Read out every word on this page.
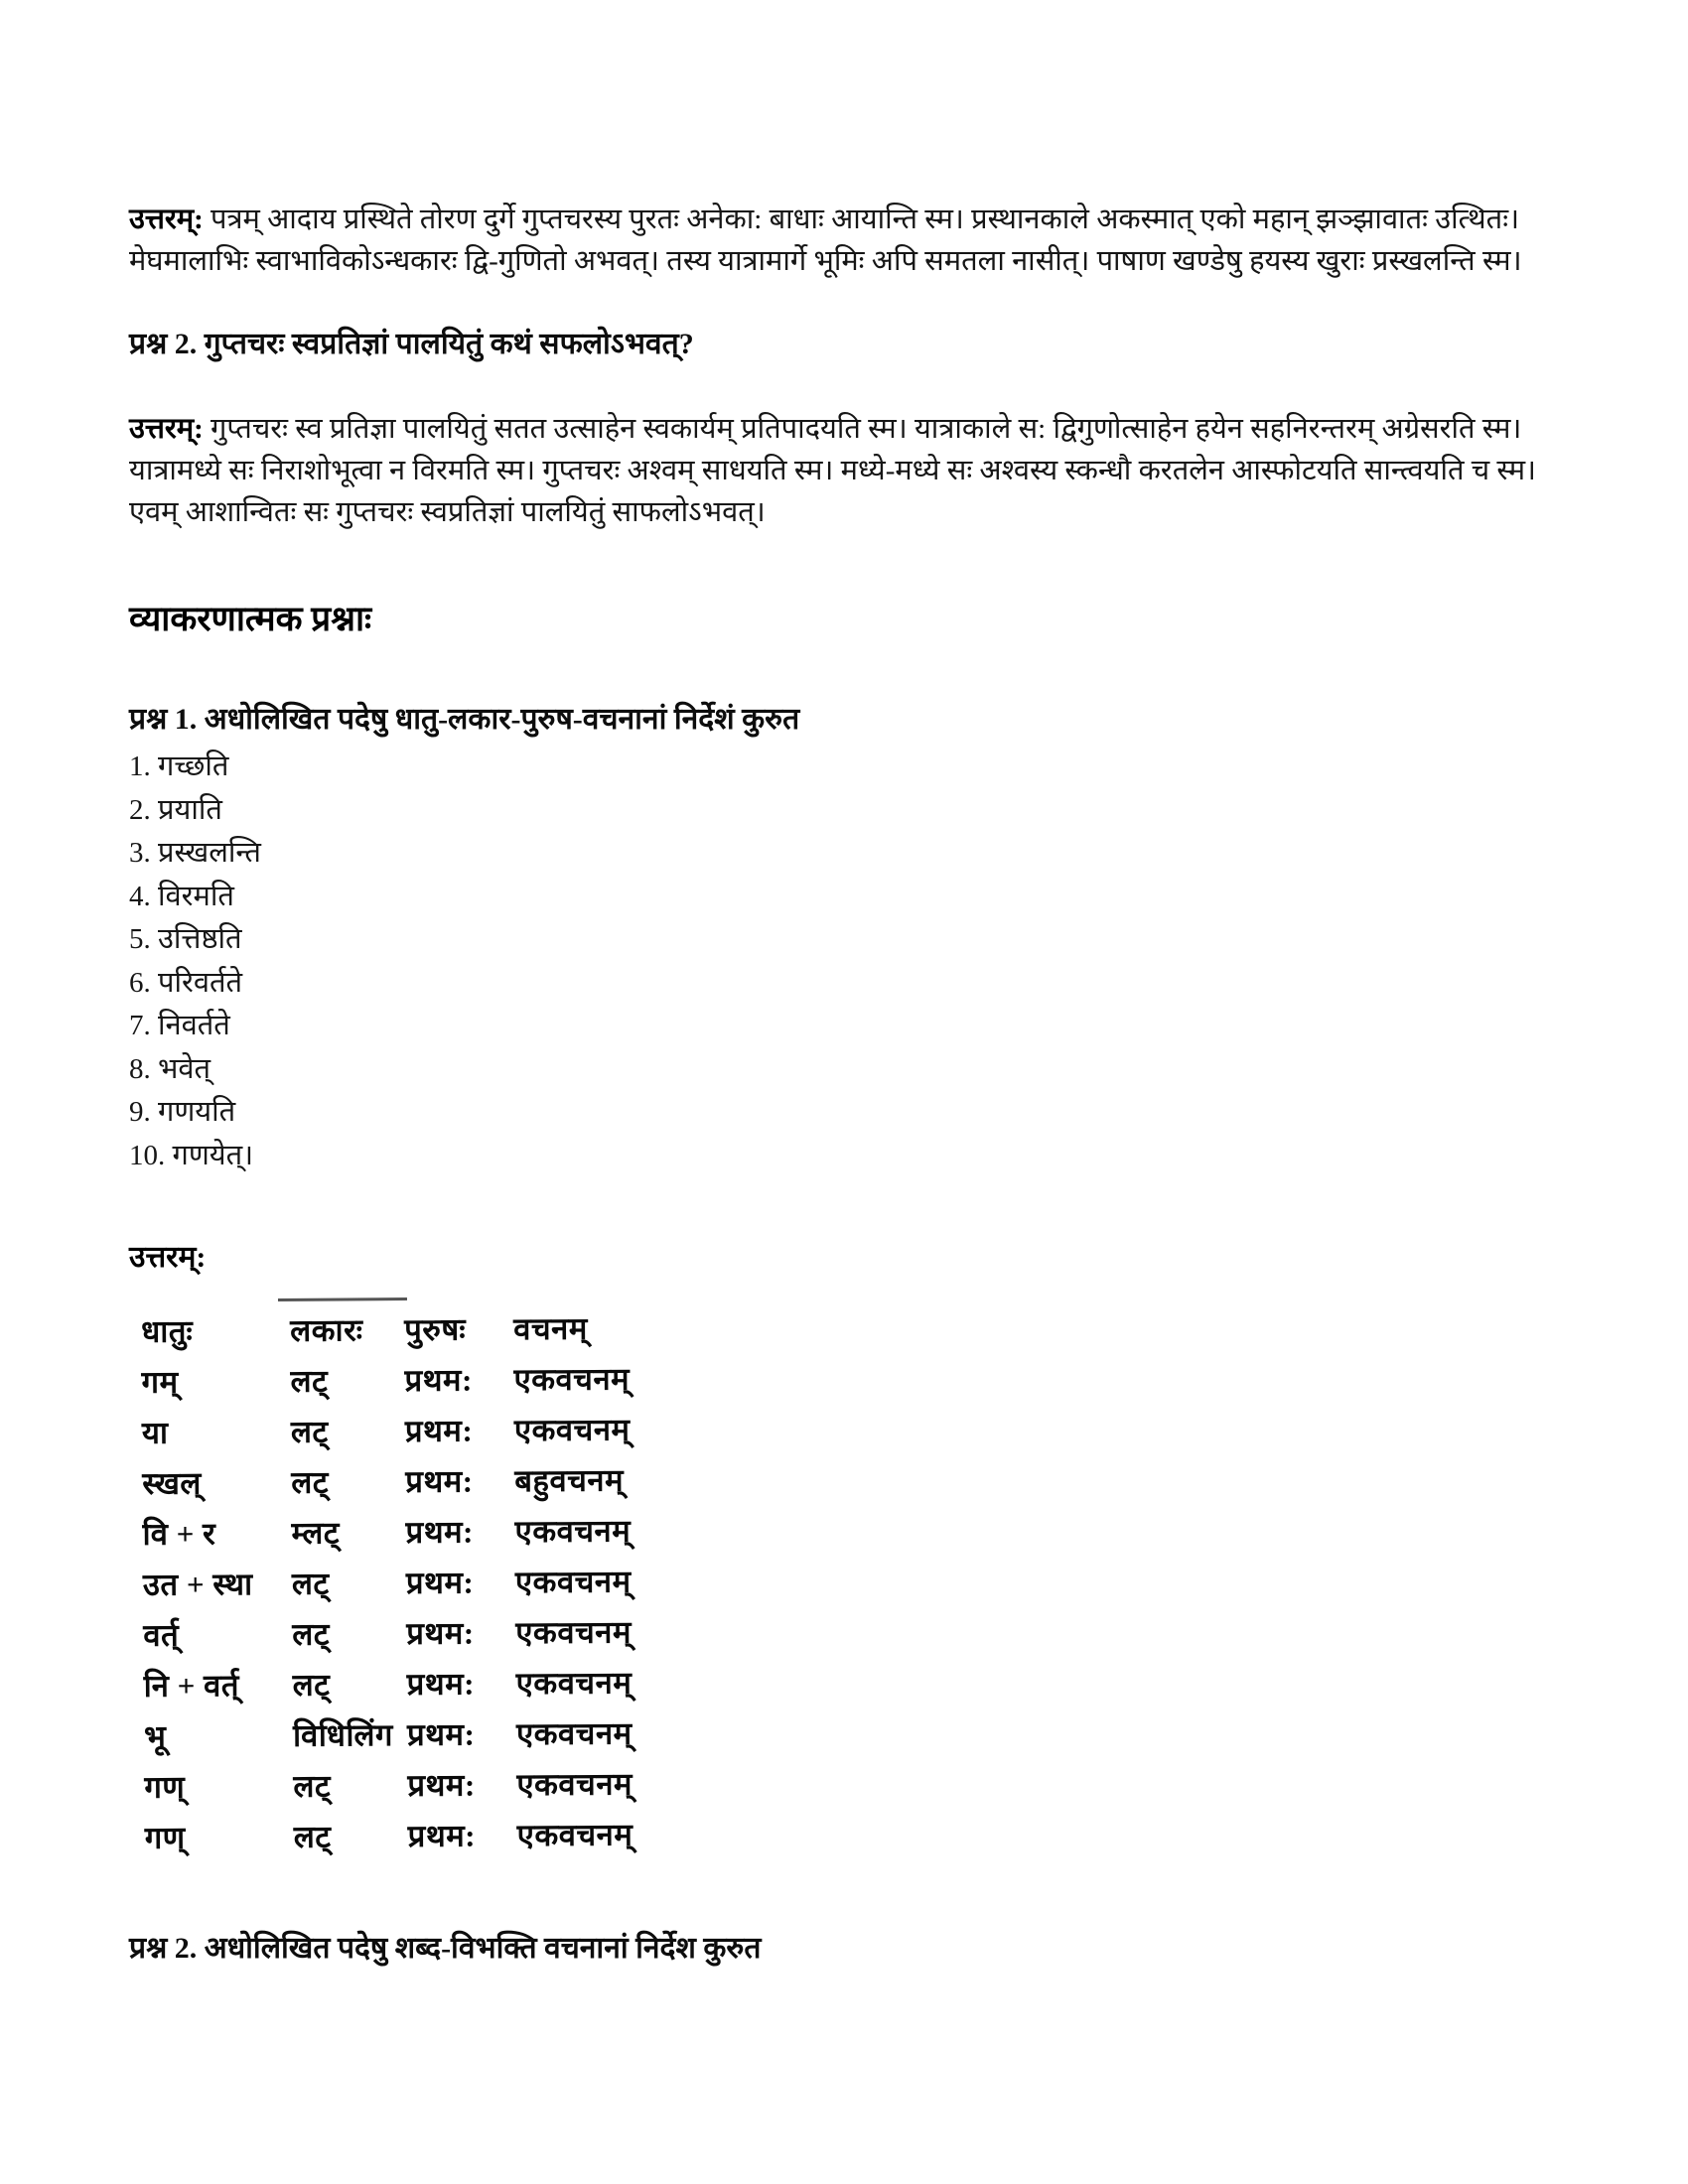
उत्तरम्: पत्रम् आदाय प्रस्थिते तोरण दुर्गे गुप्तचरस्य पुरतः अनेका: बाधाः आयान्ति स्म। प्रस्थानकाले अकस्मात् एको महान् झञ्झावातः उत्थितः। मेघमालाभिः स्वाभाविकोऽन्धकारः द्वि-गुणितो अभवत्। तस्य यात्रामार्गे भूमिः अपि समतला नासीत्। पाषाण खण्डेषु हयस्य खुराः प्रस्खलन्ति स्म।

प्रश्न 2. गुप्तचरः स्वप्रतिज्ञां पालयितुं कथं सफलोऽभवत्?

उत्तरम्: गुप्तचरः स्व प्रतिज्ञा पालयितुं सतत उत्साहेन स्वकार्यम् प्रतिपादयति स्म। यात्राकाले स: द्विगुणोत्साहेन हयेन सहनिरन्तरम् अग्रेसरति स्म। यात्रामध्ये सः निराशोभूत्वा न विरमति स्म। गुप्तचरः अश्वम् साधयति स्म। मध्ये-मध्ये सः अश्वस्य स्कन्धौ करतलेन आस्फोटयति सान्त्वयति च स्म। एवम् आशान्वितः सः गुप्तचरः स्वप्रतिज्ञां पालयितुं साफलोऽभवत्।

व्याकरणात्मक प्रश्नाः

प्रश्न 1. अधोलिखित पदेषु धातु-लकार-पुरुष-वचनानां निर्देशं कुरुत

1. गच्छति
2. प्रयाति
3. प्रस्खलन्ति
4. विरमति
5. उत्तिष्ठति
6. परिवर्तते
7. निवर्तते
8. भवेत्
9. गणयति
10. गणयेत्।

उत्तरम्:

धातुः	लकारः	पुरुषः	वचनम्
गम्	लट्	प्रथम:	एकवचनम्
या	लट्	प्रथम:	एकवचनम्
स्खल्	लट्	प्रथम:	बहुवचनम्
वि + र	म्लट्	प्रथम:	एकवचनम्
उत + स्था	लट्	प्रथम:	एकवचनम्
वर्त्	लट्	प्रथम:	एकवचनम्
नि + वर्त्	लट्	प्रथम:	एकवचनम्
भू	विधिलिंग	प्रथम:	एकवचनम्
गण्	लट्	प्रथम:	एकवचनम्
गण्	लट्	प्रथम:	एकवचनम्

प्रश्न 2. अधोलिखित पदेषु शब्द-विभक्ति वचनानां निर्देश कुरुत
